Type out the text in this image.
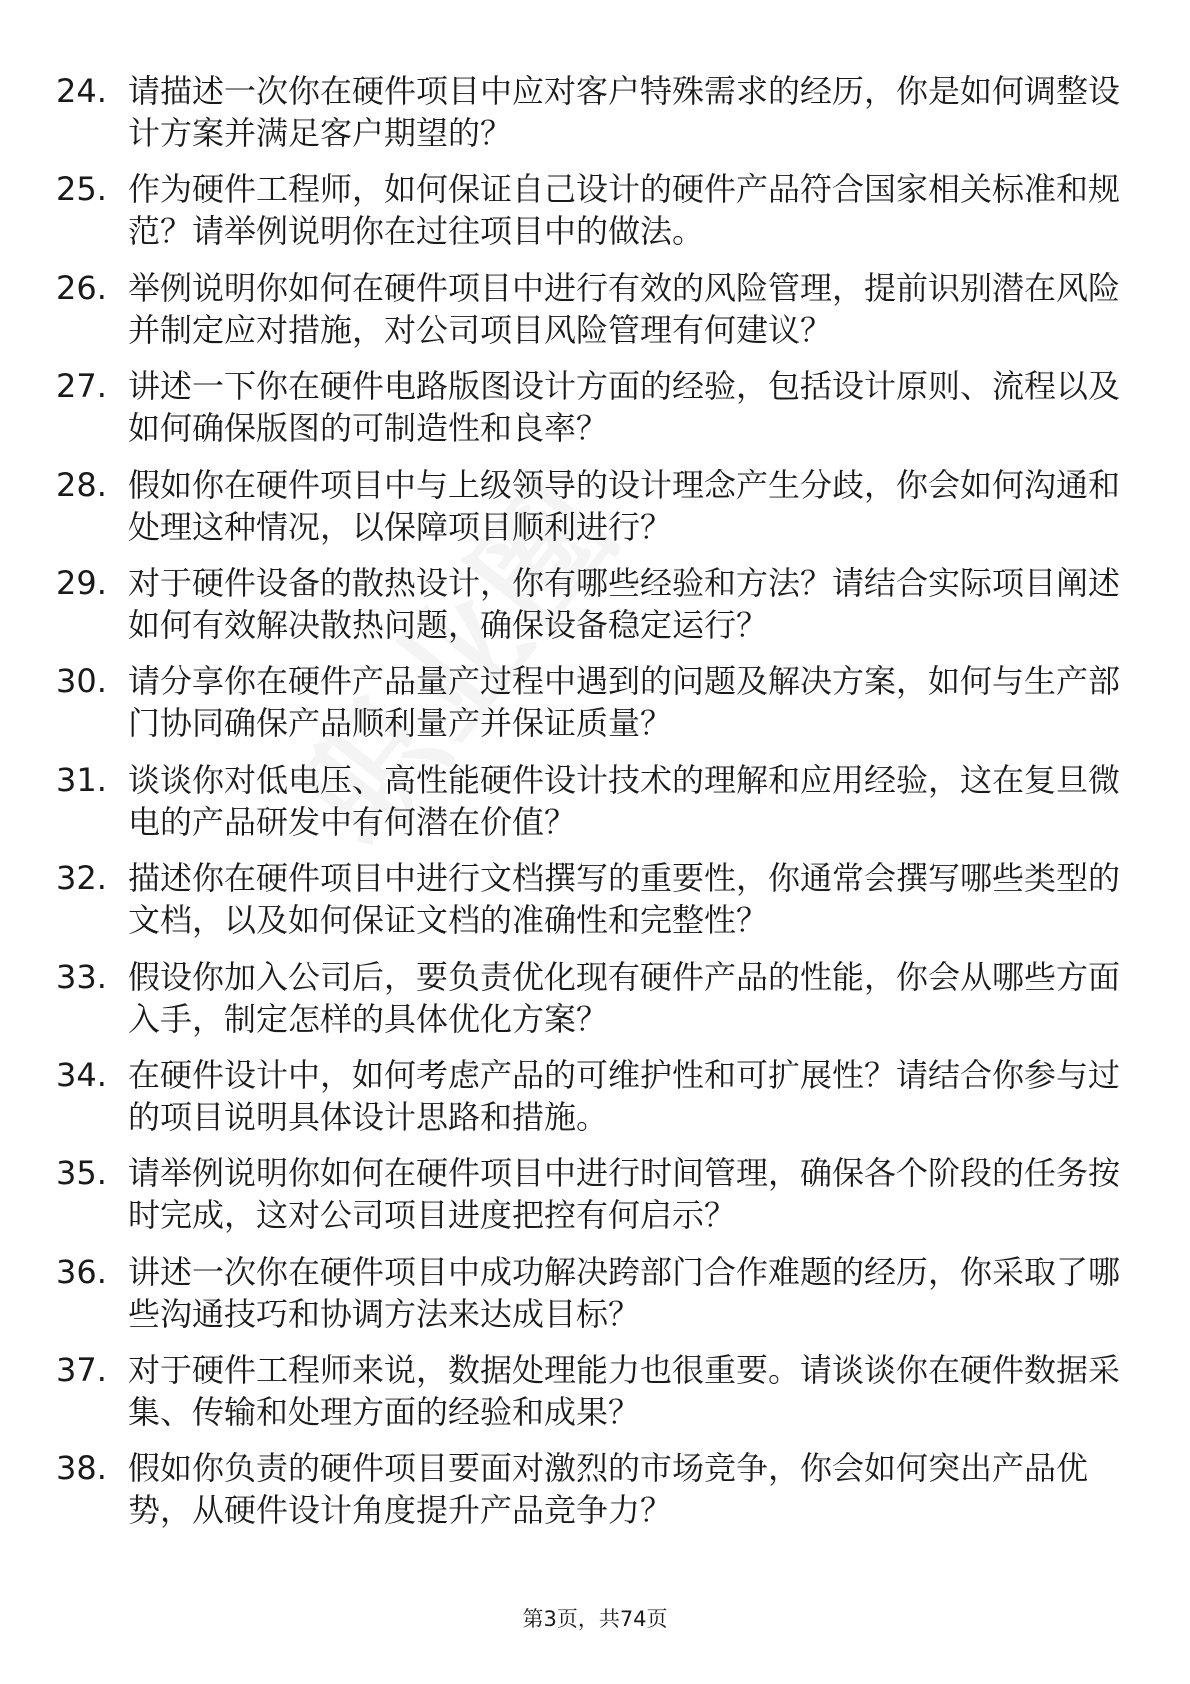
24. 请描述一次你在硬件项目中应对客户特殊需求的经历，你是如何调整设计方案并满足客户期望的？
25. 作为硬件工程师，如何保证自己设计的硬件产品符合国家相关标准和规范？请举例说明你在过往项目中的做法。
26. 举例说明你如何在硬件项目中进行有效的风险管理，提前识别潜在风险并制定应对措施，对公司项目风险管理有何建议？
27. 讲述一下你在硬件电路版图设计方面的经验，包括设计原则、流程以及如何确保版图的可制造性和良率？
28. 假如你在硬件项目中与上级领导的设计理念产生分歧，你会如何沟通和处理这种情况，以保障项目顺利进行？
29. 对于硬件设备的散热设计，你有哪些经验和方法？请结合实际项目阐述如何有效解决散热问题，确保设备稳定运行？
30. 请分享你在硬件产品量产过程中遇到的问题及解决方案，如何与生产部门协同确保产品顺利量产并保证质量？
31. 谈谈你对低电压、高性能硬件设计技术的理解和应用经验，这在复旦微电的产品研发中有何潜在价值？
32. 描述你在硬件项目中进行文档撰写的重要性，你通常会撰写哪些类型的文档，以及如何保证文档的准确性和完整性？
33. 假设你加入公司后，要负责优化现有硬件产品的性能，你会从哪些方面入手，制定怎样的具体优化方案？
34. 在硬件设计中，如何考虑产品的可维护性和可扩展性？请结合你参与过的项目说明具体设计思路和措施。
35. 请举例说明你如何在硬件项目中进行时间管理，确保各个阶段的任务按时完成，这对公司项目进度把控有何启示？
36. 讲述一次你在硬件项目中成功解决跨部门合作难题的经历，你采取了哪些沟通技巧和协调方法来达成目标？
37. 对于硬件工程师来说，数据处理能力也很重要。请谈谈你在硬件数据采集、传输和处理方面的经验和成果？
38. 假如你负责的硬件项目要面对激烈的市场竞争，你会如何突出产品优势，从硬件设计角度提升产品竞争力？
第3页，共74页
